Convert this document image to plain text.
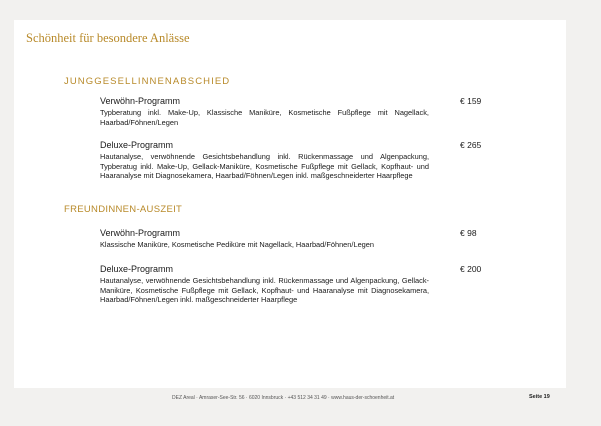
Schönheit für besondere Anlässe
JUNGGESELLINNENABSCHIED
Verwöhn-Programm
Typberatung inkl. Make-Up, Klassische Maniküre, Kosmetische Fußpflege mit Nagellack, Haarbad/Föhnen/Legen
€ 159
Deluxe-Programm
Hautanalyse, verwöhnende Gesichtsbehandlung inkl. Rückenmassage und Algenpackung, Typberatug inkl. Make-Up, Gellack-Maniküre, Kosmetische Fußpflege mit Gellack, Kopfhaut- und Haaranalyse mit Diagnosekamera, Haarbad/Föhnen/Legen inkl. maßgeschneiderter Haarpflege
€ 265
FREUNDINNEN-AUSZEIT
Verwöhn-Programm
Klassische Maniküre, Kosmetische Pediküre mit Nagellack, Haarbad/Föhnen/Legen
€ 98
Deluxe-Programm
Hautanalyse, verwöhnende Gesichtsbehandlung inkl. Rückenmassage und Algenpackung, Gellack-Maniküre, Kosmetische Fußpflege mit Gellack, Kopfhaut- und Haaranalyse mit Diagnosekamera, Haarbad/Föhnen/Legen inkl. maßgeschneiderter Haarpflege
€ 200
DEZ Areal · Amraser-See-Str. 56 · 6020 Innsbruck · +43 512 34 31 49 · www.haus-der-schoenheit.at	Seite 19
